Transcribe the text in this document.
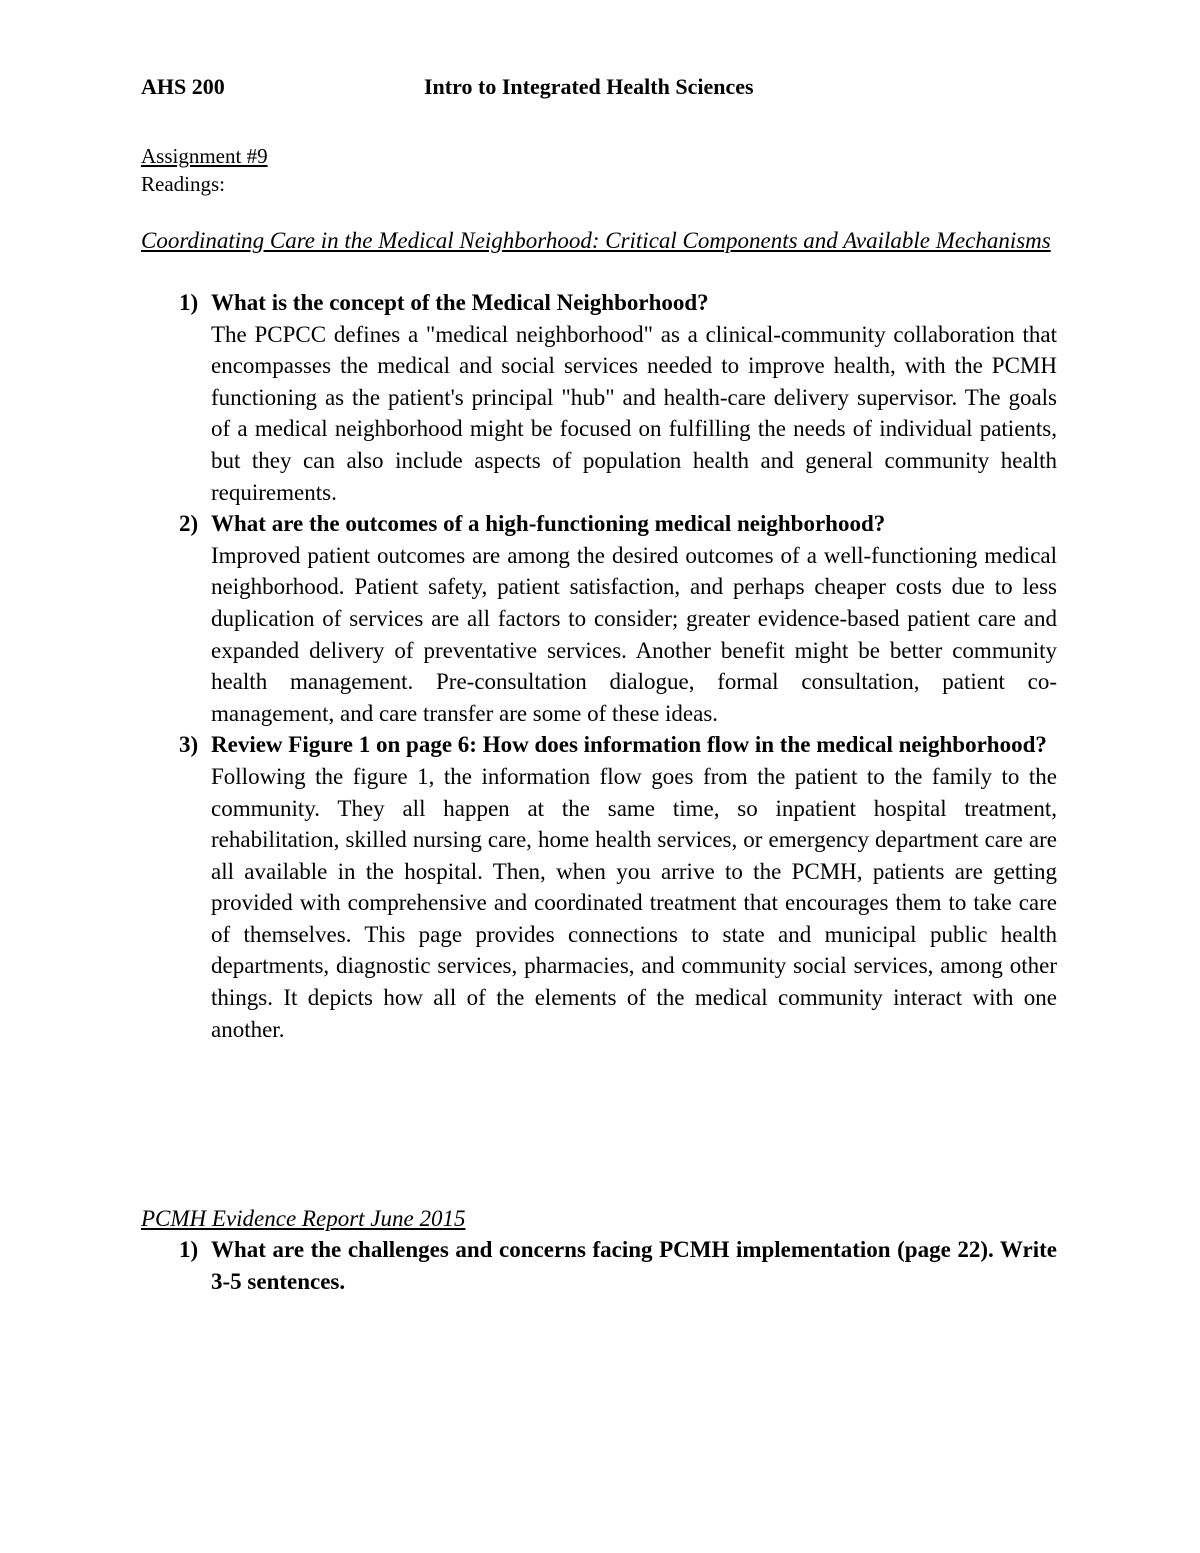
AHS 200	Intro to Integrated Health Sciences
Assignment #9
Readings:
Coordinating Care in the Medical Neighborhood: Critical Components and Available Mechanisms
1) What is the concept of the Medical Neighborhood?
The PCPCC defines a "medical neighborhood" as a clinical-community collaboration that encompasses the medical and social services needed to improve health, with the PCMH functioning as the patient's principal "hub" and health-care delivery supervisor. The goals of a medical neighborhood might be focused on fulfilling the needs of individual patients, but they can also include aspects of population health and general community health requirements.
2) What are the outcomes of a high-functioning medical neighborhood?
Improved patient outcomes are among the desired outcomes of a well-functioning medical neighborhood. Patient safety, patient satisfaction, and perhaps cheaper costs due to less duplication of services are all factors to consider; greater evidence-based patient care and expanded delivery of preventative services. Another benefit might be better community health management. Pre-consultation dialogue, formal consultation, patient co-management, and care transfer are some of these ideas.
3) Review Figure 1 on page 6: How does information flow in the medical neighborhood?
Following the figure 1, the information flow goes from the patient to the family to the community. They all happen at the same time, so inpatient hospital treatment, rehabilitation, skilled nursing care, home health services, or emergency department care are all available in the hospital. Then, when you arrive to the PCMH, patients are getting provided with comprehensive and coordinated treatment that encourages them to take care of themselves. This page provides connections to state and municipal public health departments, diagnostic services, pharmacies, and community social services, among other things. It depicts how all of the elements of the medical community interact with one another.
PCMH Evidence Report June 2015
1) What are the challenges and concerns facing PCMH implementation (page 22). Write 3-5 sentences.
